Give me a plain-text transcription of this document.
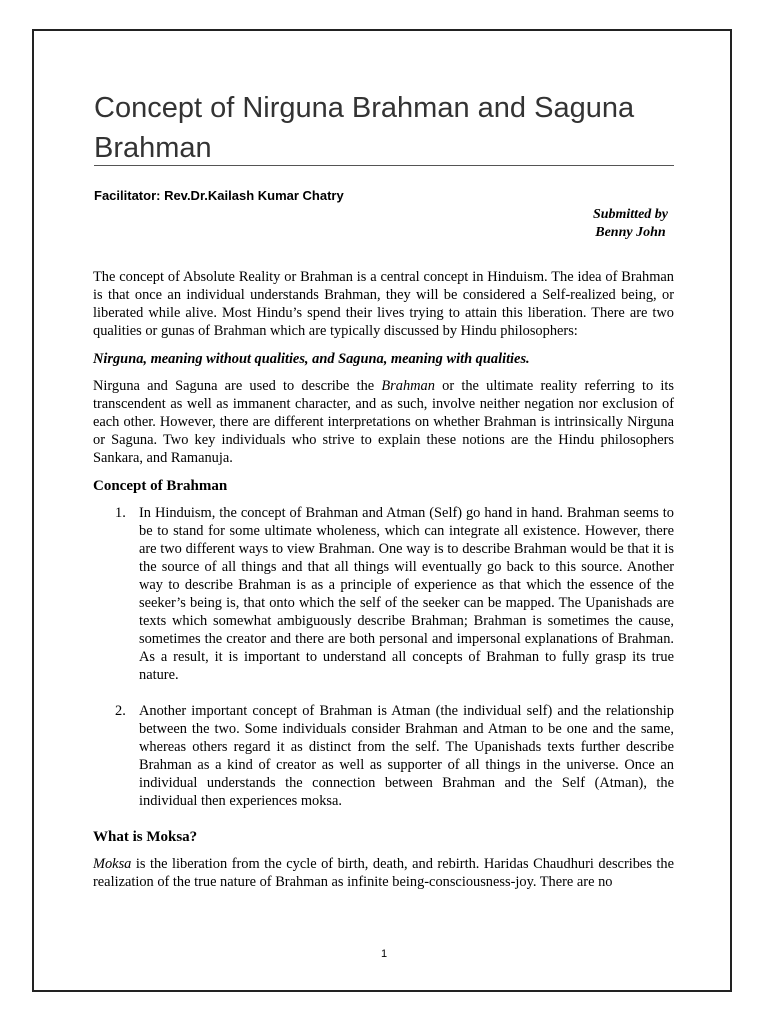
Concept of Nirguna Brahman and Saguna Brahman
Facilitator: Rev.Dr.Kailash Kumar Chatry
Submitted by
Benny John

The concept of Absolute Reality or Brahman is a central concept in Hinduism. The idea of Brahman is that once an individual understands Brahman, they will be considered a Self-realized being, or liberated while alive. Most Hindu’s spend their lives trying to attain this liberation. There are two qualities or gunas of Brahman which are typically discussed by Hindu philosophers:

Nirguna, meaning without qualities, and Saguna, meaning with qualities.

Nirguna and Saguna are used to describe the Brahman or the ultimate reality referring to its transcendent as well as immanent character, and as such, involve neither negation nor exclusion of each other. However, there are different interpretations on whether Brahman is intrinsically Nirguna or Saguna. Two key individuals who strive to explain these notions are the Hindu philosophers Sankara, and Ramanuja.

Concept of Brahman
1. In Hinduism, the concept of Brahman and Atman (Self) go hand in hand. Brahman seems to be to stand for some ultimate wholeness, which can integrate all existence. However, there are two different ways to view Brahman. One way is to describe Brahman would be that it is the source of all things and that all things will eventually go back to this source. Another way to describe Brahman is as a principle of experience as that which the essence of the seeker’s being is, that onto which the self of the seeker can be mapped. The Upanishads are texts which somewhat ambiguously describe Brahman; Brahman is sometimes the cause, sometimes the creator and there are both personal and impersonal explanations of Brahman. As a result, it is important to understand all concepts of Brahman to fully grasp its true nature.
2. Another important concept of Brahman is Atman (the individual self) and the relationship between the two. Some individuals consider Brahman and Atman to be one and the same, whereas others regard it as distinct from the self. The Upanishads texts further describe Brahman as a kind of creator as well as supporter of all things in the universe. Once an individual understands the connection between Brahman and the Self (Atman), the individual then experiences moksa.
What is Moksa?

Moksa is the liberation from the cycle of birth, death, and rebirth. Haridas Chaudhuri describes the realization of the true nature of Brahman as infinite being-consciousness-joy. There are no

1
